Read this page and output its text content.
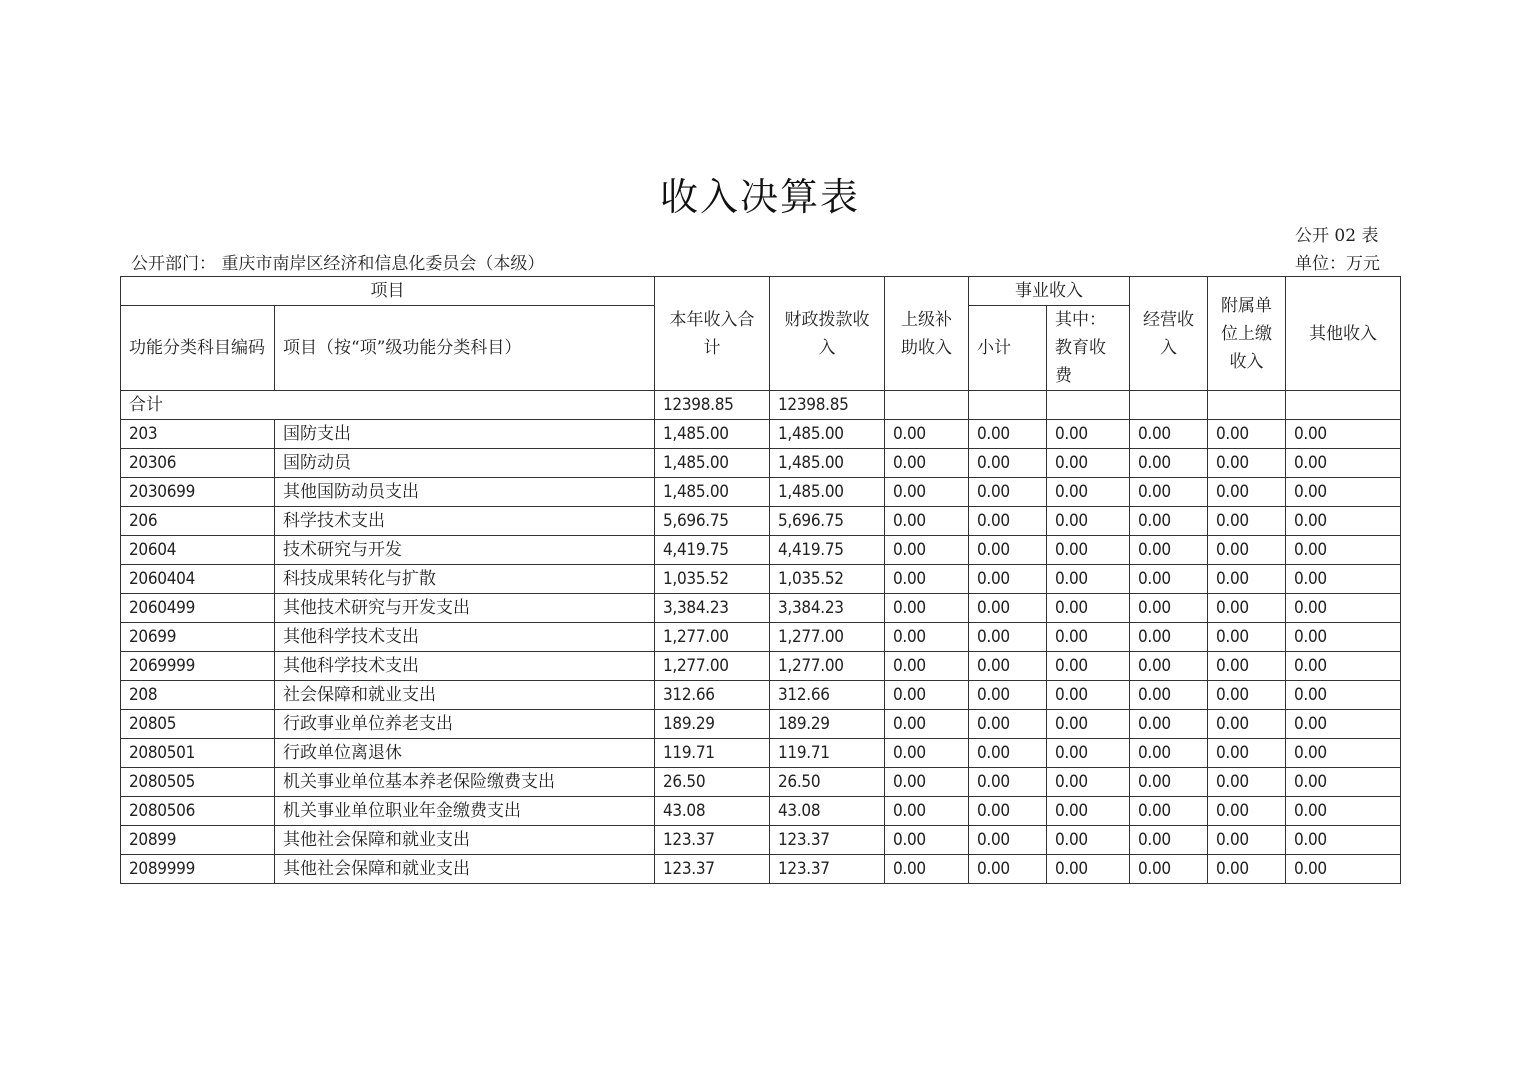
收入决算表
公开 02 表
公开部门： 重庆市南岸区经济和信息化委员会（本级）	单位：万元
项目		本年收入合计	财政拨款收入	上级补助收入	事业收入		经营收入	附属单位上缴收入	其他收入
功能分类科目编码	项目（按“项”级功能分类科目）				小计	其中：教育收费			
合计		12398.85	12398.85						
203	国防支出	1,485.00	1,485.00	0.00	0.00	0.00	0.00	0.00	0.00
20306	国防动员	1,485.00	1,485.00	0.00	0.00	0.00	0.00	0.00	0.00
2030699	其他国防动员支出	1,485.00	1,485.00	0.00	0.00	0.00	0.00	0.00	0.00
206	科学技术支出	5,696.75	5,696.75	0.00	0.00	0.00	0.00	0.00	0.00
20604	技术研究与开发	4,419.75	4,419.75	0.00	0.00	0.00	0.00	0.00	0.00
2060404	科技成果转化与扩散	1,035.52	1,035.52	0.00	0.00	0.00	0.00	0.00	0.00
2060499	其他技术研究与开发支出	3,384.23	3,384.23	0.00	0.00	0.00	0.00	0.00	0.00
20699	其他科学技术支出	1,277.00	1,277.00	0.00	0.00	0.00	0.00	0.00	0.00
2069999	其他科学技术支出	1,277.00	1,277.00	0.00	0.00	0.00	0.00	0.00	0.00
208	社会保障和就业支出	312.66	312.66	0.00	0.00	0.00	0.00	0.00	0.00
20805	行政事业单位养老支出	189.29	189.29	0.00	0.00	0.00	0.00	0.00	0.00
2080501	行政单位离退休	119.71	119.71	0.00	0.00	0.00	0.00	0.00	0.00
2080505	机关事业单位基本养老保险缴费支出	26.50	26.50	0.00	0.00	0.00	0.00	0.00	0.00
2080506	机关事业单位职业年金缴费支出	43.08	43.08	0.00	0.00	0.00	0.00	0.00	0.00
20899	其他社会保障和就业支出	123.37	123.37	0.00	0.00	0.00	0.00	0.00	0.00
2089999	其他社会保障和就业支出	123.37	123.37	0.00	0.00	0.00	0.00	0.00	0.00
